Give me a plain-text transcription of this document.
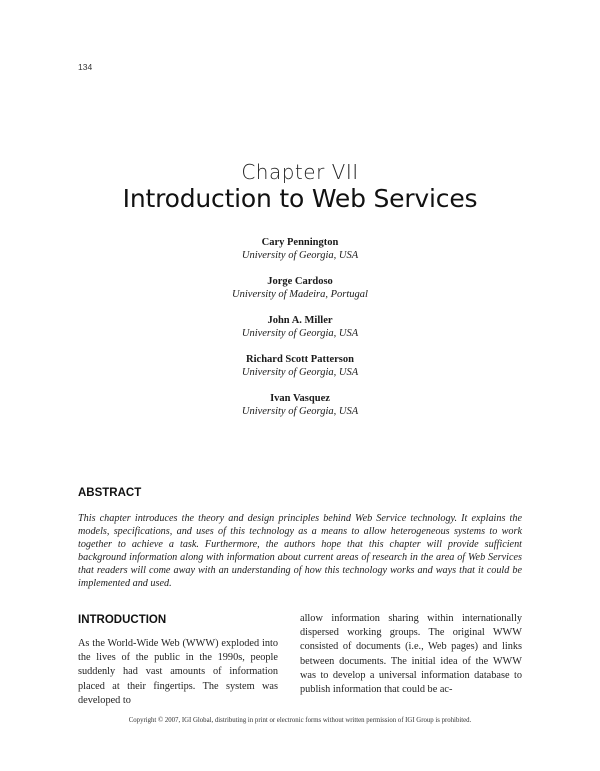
134
Chapter VII
Introduction to Web Services
Cary Pennington
University of Georgia, USA
Jorge Cardoso
University of Madeira, Portugal
John A. Miller
University of Georgia, USA
Richard Scott Patterson
University of Georgia, USA
Ivan Vasquez
University of Georgia, USA
ABSTRACT
This chapter introduces the theory and design principles behind Web Service technology. It explains the models, specifications, and uses of this technology as a means to allow heterogeneous systems to work together to achieve a task. Furthermore, the authors hope that this chapter will provide sufficient background information along with information about current areas of research in the area of Web Services that readers will come away with an understanding of how this technology works and ways that it could be implemented and used.
INTRODUCTION
As the World-Wide Web (WWW) exploded into the lives of the public in the 1990s, people suddenly had vast amounts of information placed at their fingertips. The system was developed to
allow information sharing within internationally dispersed working groups. The original WWW consisted of documents (i.e., Web pages) and links between documents. The initial idea of the WWW was to develop a universal information database to publish information that could be ac-
Copyright © 2007, IGI Global, distributing in print or electronic forms without written permission of IGI Group is prohibited.
